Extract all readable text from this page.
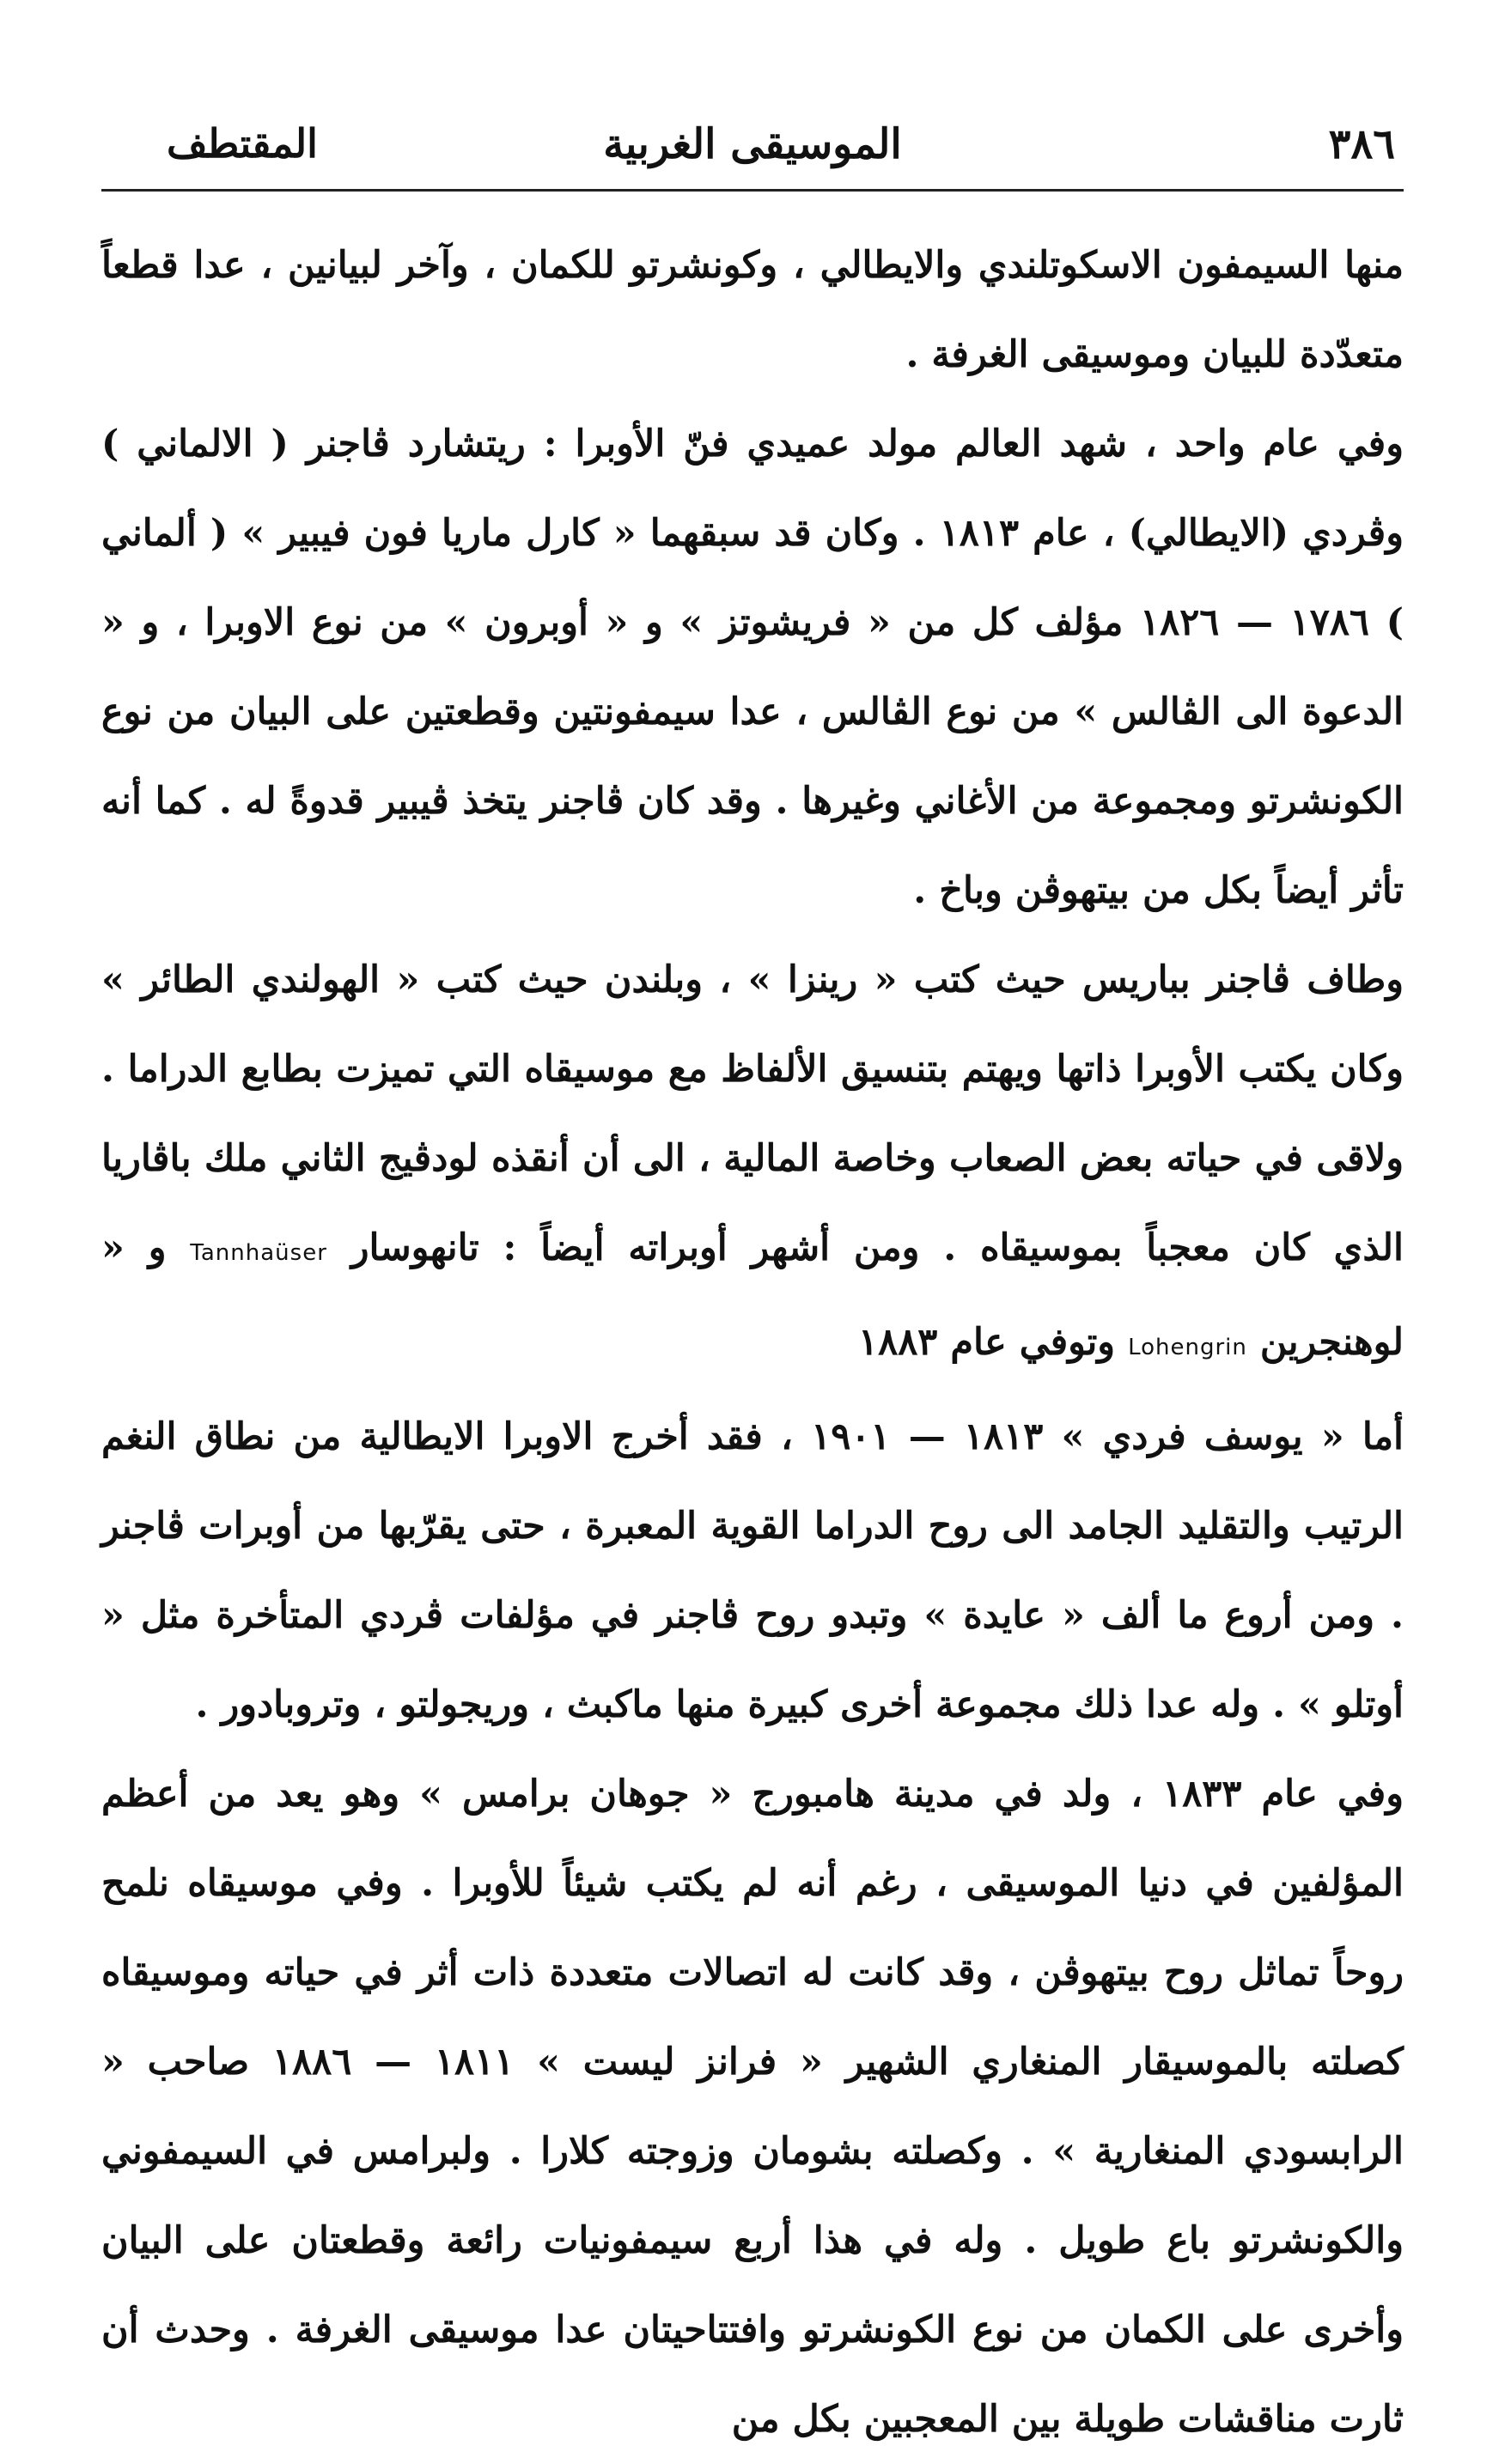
٣٨٦
الموسيقى الغربية
المقتطف

منها السيمفون الاسكوتلندي والايطالي ، وكونشرتو للكمان ، وآخر لبيانين ، عدا قطعاً متعدّدة للبيان وموسيقى الغرفة .

وفي عام واحد ، شهد العالم مولد عميدي فنّ الأوبرا : ريتشارد ڤاجنر ( الالماني ) وڤردي (الايطالي) ، عام ١٨١٣ . وكان قد سبقهما « كارل ماريا فون فيبير » ( ألماني ) ١٧٨٦ — ١٨٢٦ مؤلف كل من « فريشوتز » و « أوبرون » من نوع الاوبرا ، و « الدعوة الى الڤالس » من نوع الڤالس ، عدا سيمفونتين وقطعتين على البيان من نوع الكونشرتو ومجموعة من الأغاني وغيرها . وقد كان ڤاجنر يتخذ ڤيبير قدوةً له . كما أنه تأثر أيضاً بكل من بيتهوڤن وباخ .

وطاف ڤاجنر بباريس حيث كتب « رينزا » ، وبلندن حيث كتب « الهولندي الطائر » وكان يكتب الأوبرا ذاتها ويهتم بتنسيق الألفاظ مع موسيقاه التي تميزت بطابع الدراما . ولاقى في حياته بعض الصعاب وخاصة المالية ، الى أن أنقذه لودڤيج الثاني ملك باڤاريا الذي كان معجباً بموسيقاه . ومن أشهر أوبراته أيضاً : تانهوسار Tannhaüser و « لوهنجرين Lohengrin وتوفي عام ١٨٨٣

أما « يوسف فردي » ١٨١٣ — ١٩٠١ ، فقد أخرج الاوبرا الايطالية من نطاق النغم الرتيب والتقليد الجامد الى روح الدراما القوية المعبرة ، حتى يقرّبها من أوبرات ڤاجنر . ومن أروع ما ألف « عايدة » وتبدو روح ڤاجنر في مؤلفات ڤردي المتأخرة مثل « أوتلو » . وله عدا ذلك مجموعة أخرى كبيرة منها ماكبث ، وريجولتو ، وتروبادور .

وفي عام ١٨٣٣ ، ولد في مدينة هامبورج « جوهان برامس » وهو يعد من أعظم المؤلفين في دنيا الموسيقى ، رغم أنه لم يكتب شيئاً للأوبرا . وفي موسيقاه نلمح روحاً تماثل روح بيتهوڤن ، وقد كانت له اتصالات متعددة ذات أثر في حياته وموسيقاه كصلته بالموسيقار المنغاري الشهير « فرانز ليست » ١٨١١ — ١٨٨٦ صاحب « الرابسودي المنغارية » . وكصلته بشومان وزوجته كلارا . ولبرامس في السيمفوني والكونشرتو باع طويل . وله في هذا أربع سيمفونيات رائعة وقطعتان على البيان وأخرى على الكمان من نوع الكونشرتو وافتتاحيتان عدا موسيقى الغرفة . وحدث أن ثارت مناقشات طويلة بين المعجبين بكل من
